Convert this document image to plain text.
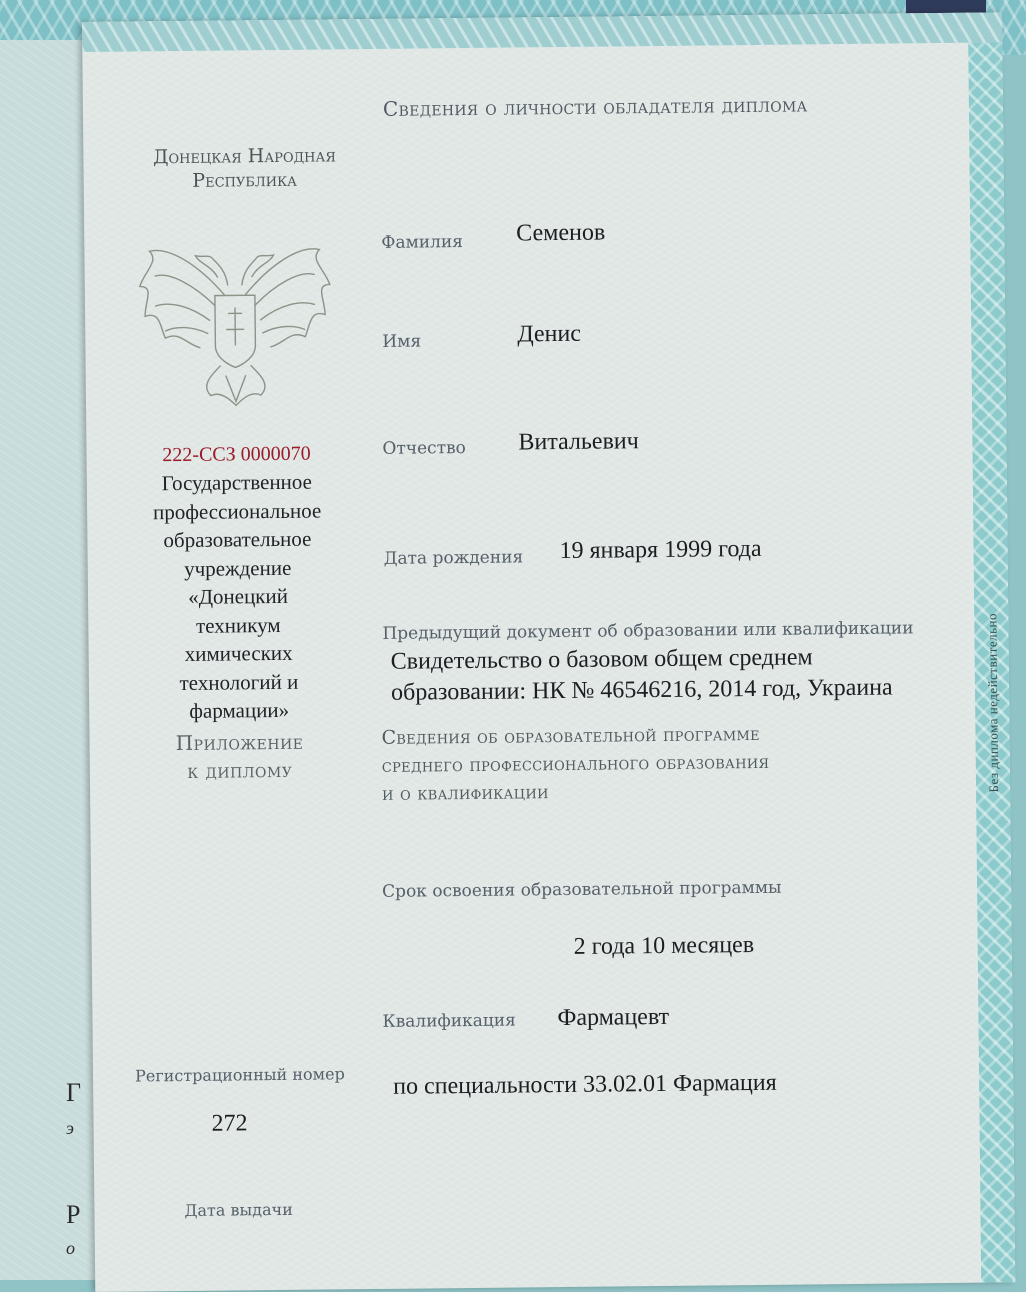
Г
э
Р
о
Без диплома недействительно
Сведения о личности обладателя диплома
Донецкая Народная
Республика
222-ССЗ 0000070
Государственное
профессиональное
образовательное
учреждение
«Донецкий
техникум
химических
технологий и
фармации»
Приложение
к диплому
Регистрационный номер
272
Дата выдачи
Фамилия Семенов
Имя	Денис
Отчество Витальевич
Дата рождения 19 января 1999 года
Предыдущий документ об образовании или квалификации
Свидетельство о базовом общем среднем
образовании: НК № 46546216, 2014 год, Украина
Сведения об образовательной программе
среднего профессионального образования
и о квалификации
Срок освоения образовательной программы
2 года 10 месяцев
Квалификация Фармацевт
по специальности 33.02.01 Фармация
